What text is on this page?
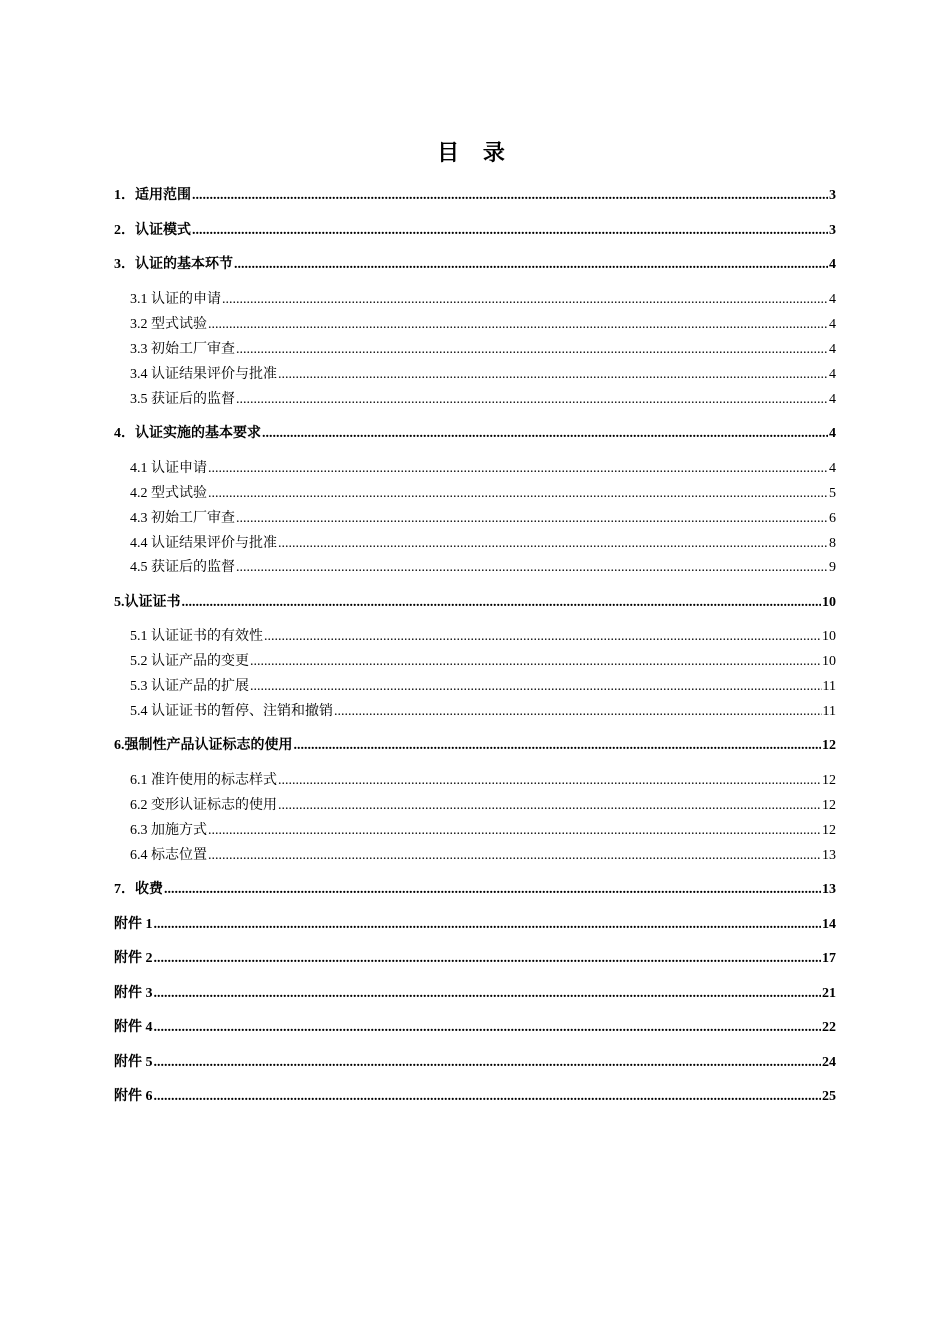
目 录
1．适用范围 .....	3
2．认证模式 .....	3
3．认证的基本环节 .....	4
3.1 认证的申请 .....	4
3.2 型式试验 .....	4
3.3 初始工厂审查 .....	4
3.4 认证结果评价与批准 .....	4
3.5 获证后的监督 .....	4
4．认证实施的基本要求 .....	4
4.1 认证申请 .....	4
4.2 型式试验 .....	5
4.3 初始工厂审查 .....	6
4.4 认证结果评价与批准 .....	8
4.5 获证后的监督 .....	9
5.认证证书 .....	10
5.1 认证证书的有效性 .....	10
5.2 认证产品的变更 .....	10
5.3 认证产品的扩展 .....	11
5.4 认证证书的暂停、注销和撤销 .....	11
6.强制性产品认证标志的使用 .....	12
6.1 准许使用的标志样式 .....	12
6.2 变形认证标志的使用 .....	12
6.3 加施方式 .....	12
6.4 标志位置 .....	13
7．收费 .....	13
附件 1 .....	14
附件 2 .....	17
附件 3 .....	21
附件 4 .....	22
附件 5 .....	24
附件 6 .....	25
